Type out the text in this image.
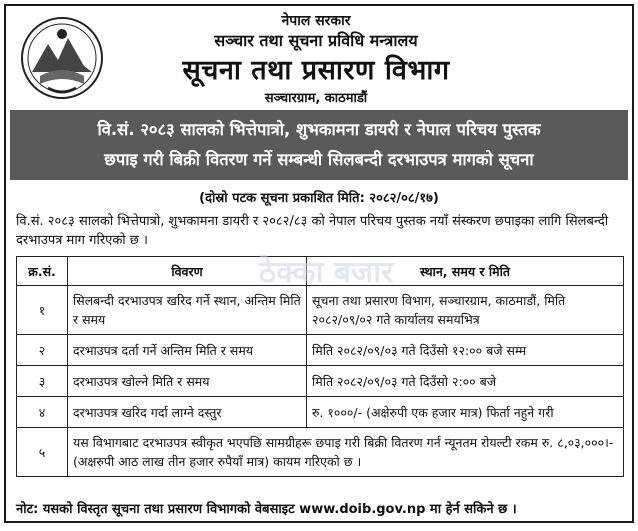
नेपाल सरकार
सञ्चार तथा सूचना प्रविधि मन्त्रालय
सूचना तथा प्रसारण विभाग
सञ्चारग्राम, काठमाडौं
वि.सं. २०८३ सालको भित्तेपात्रो, शुभकामना डायरी र नेपाल परिचय पुस्तक
छपाइ गरी बिक्री वितरण गर्ने सम्बन्धी सिलबन्दी दरभाउपत्र मागको सूचना
(दोस्रो पटक सूचना प्रकाशित मिति: २०८२/०८/१७)
वि.सं. २०८३ सालको भित्तेपात्रो, शुभकामना डायरी र २०८२/८३ को नेपाल परिचय पुस्तक नयाँ संस्करण छपाइका लागि सिलबन्दी दरभाउपत्र माग गरिएको छ ।
क्र.सं.	विवरण	स्थान, समय र मिति
१	सिलबन्दी दरभाउपत्र खरिद गर्ने स्थान, अन्तिम मिति र समय	सूचना तथा प्रसारण विभाग, सञ्चारग्राम, काठमाडौं, मिति २०८२/०९/०२ गते कार्यालय समयभित्र
२	दरभाउपत्र दर्ता गर्ने अन्तिम मिति र समय	मिति २०८२/०९/०३ गते दिउँसो १२:०० बजे सम्म
३	दरभाउपत्र खोल्ने मिति र समय	मिति २०८२/०९/०३ गते दिउँसो २:०० बजे
४	दरभाउपत्र खरिद गर्दा लाग्ने दस्तुर	रु. १०००/- (अक्षेरुपी एक हजार मात्र) फिर्ता नहुने गरी
५	यस विभागबाट दरभाउपत्र स्वीकृत भएपछि सामग्रीहरू छपाइ गरी बिक्री वितरण गर्न न्यूनतम रोयल्टी रकम रु. ८,०३,०००।- (अक्षरुपी आठ लाख तीन हजार रुपैयाँ मात्र) कायम गरिएको छ ।	
ठेक्का बजार
नोट: यसको विस्तृत सूचना तथा प्रसारण विभागको वेबसाइट www.doib.gov.np मा हेर्न सकिने छ ।
